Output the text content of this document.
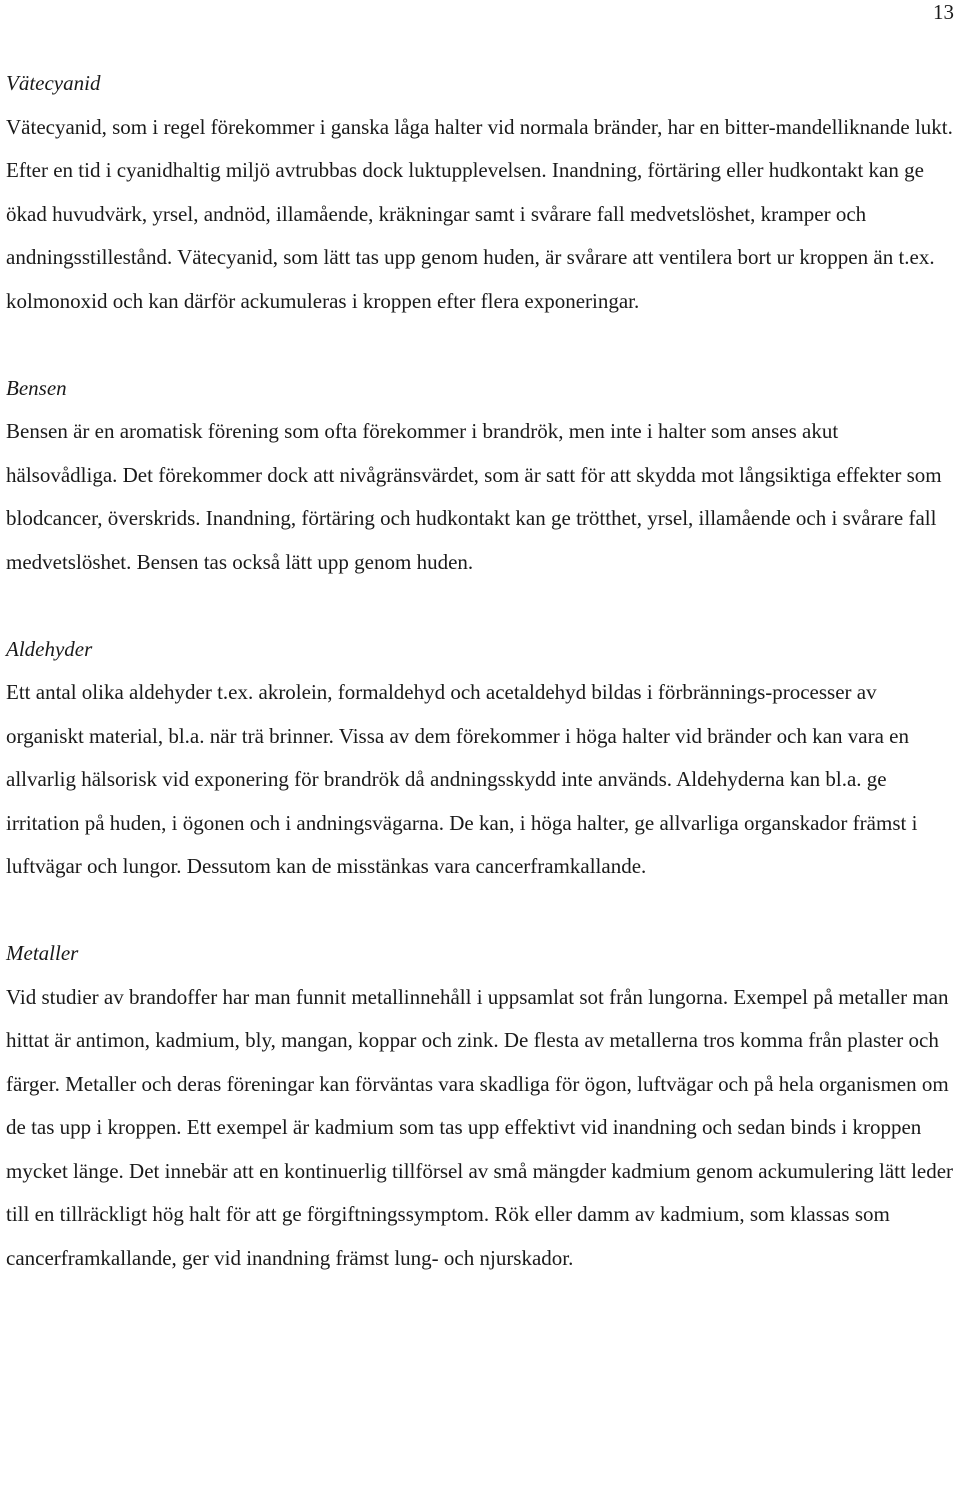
13
Vätecyanid

Vätecyanid, som i regel förekommer i ganska låga halter vid normala bränder, har en bitter-mandelliknande lukt. Efter en tid i cyanidhaltig miljö avtrubbas dock luktupplevelsen. Inandning, förtäring eller hudkontakt kan ge ökad huvudvärk, yrsel, andnöd, illamående, kräkningar samt i svårare fall medvetslöshet, kramper och andningsstillestånd. Vätecyanid, som lätt tas upp genom huden, är svårare att ventilera bort ur kroppen än t.ex. kolmonoxid och kan därför ackumuleras i kroppen efter flera exponeringar.

Bensen

Bensen är en aromatisk förening som ofta förekommer i brandrök, men inte i halter som anses akut hälsovådliga. Det förekommer dock att nivågränsvärdet, som är satt för att skydda mot långsiktiga effekter som blodcancer, överskrids. Inandning, förtäring och hudkontakt kan ge trötthet, yrsel, illamående och i svårare fall medvetslöshet. Bensen tas också lätt upp genom huden.

Aldehyder

Ett antal olika aldehyder t.ex. akrolein, formaldehyd och acetaldehyd bildas i förbrännings-processer av organiskt material, bl.a. när trä brinner. Vissa av dem förekommer i höga halter vid bränder och kan vara en allvarlig hälsorisk vid exponering för brandrök då andningsskydd inte används. Aldehyderna kan bl.a. ge irritation på huden, i ögonen och i andningsvägarna. De kan, i höga halter, ge allvarliga organskador främst i luftvägar och lungor. Dessutom kan de misstänkas vara cancerframkallande.

Metaller

Vid studier av brandoffer har man funnit metallinnehåll i uppsamlat sot från lungorna. Exempel på metaller man hittat är antimon, kadmium, bly, mangan, koppar och zink. De flesta av metallerna tros komma från plaster och färger. Metaller och deras föreningar kan förväntas vara skadliga för ögon, luftvägar och på hela organismen om de tas upp i kroppen. Ett exempel är kadmium som tas upp effektivt vid inandning och sedan binds i kroppen mycket länge. Det innebär att en kontinuerlig tillförsel av små mängder kadmium genom ackumulering lätt leder till en tillräckligt hög halt för att ge förgiftningssymptom. Rök eller damm av kadmium, som klassas som cancerframkallande, ger vid inandning främst lung- och njurskador.
